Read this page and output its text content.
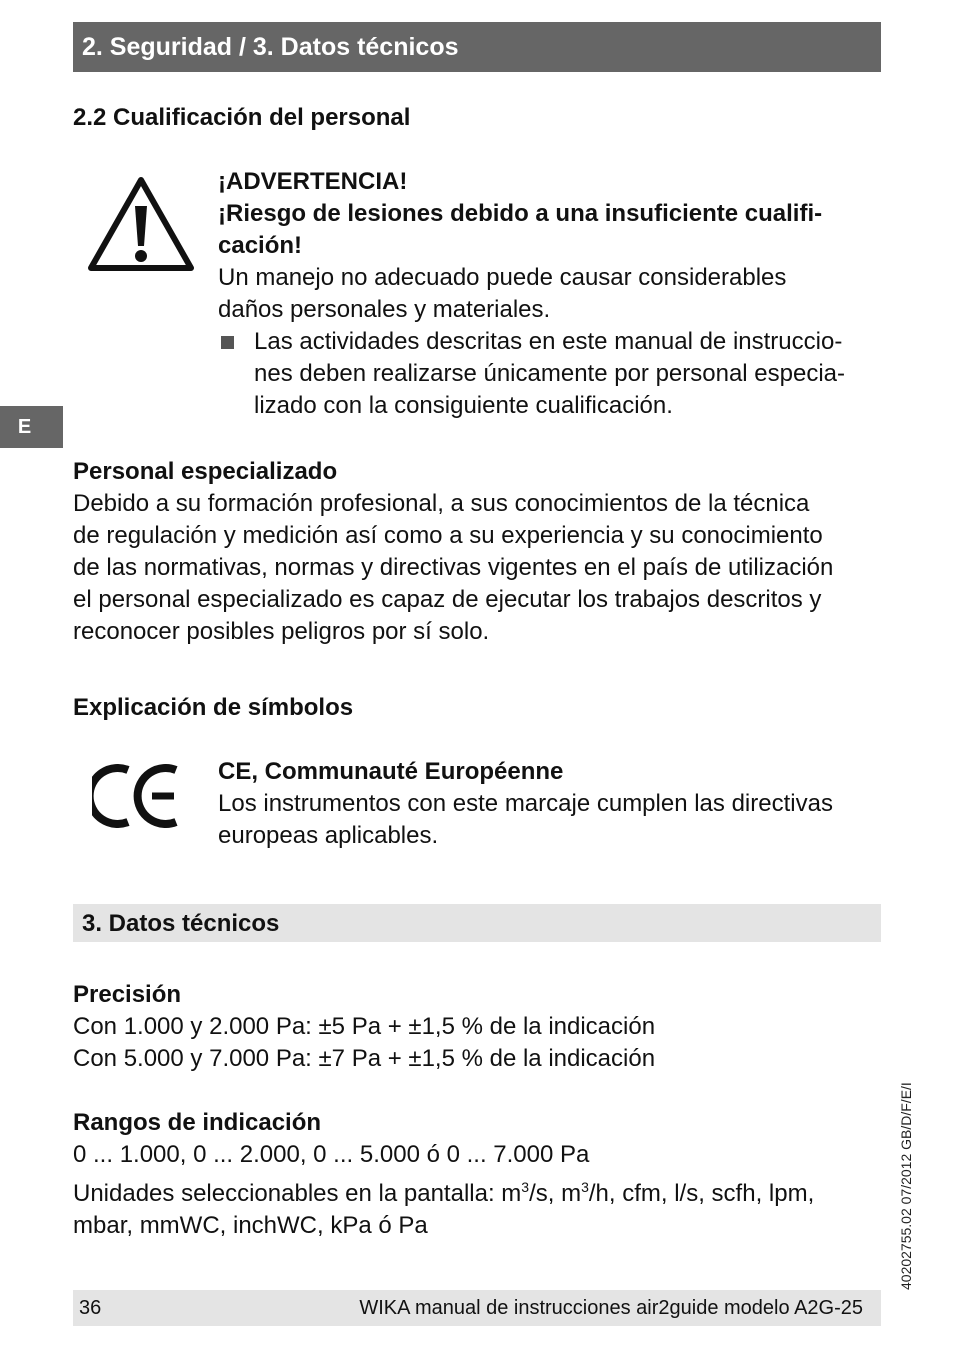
2. Seguridad / 3. Datos técnicos
2.2 Cualificación del personal
¡ADVERTENCIA!
¡Riesgo de lesiones debido a una insuficiente cualifi-
cación!
Un manejo no adecuado puede causar considerables
daños personales y materiales.
Las actividades descritas en este manual de instruccio-
nes deben realizarse únicamente por personal especia-
lizado con la consiguiente cualificación.
E
Personal especializado
Debido a su formación profesional, a sus conocimientos de la técnica
de regulación y medición así como a su experiencia y su conocimiento
de las normativas, normas y directivas vigentes en el país de utilización
el personal especializado es capaz de ejecutar los trabajos descritos y
reconocer posibles peligros por sí solo.
Explicación de símbolos
CE, Communauté Européenne
Los instrumentos con este marcaje cumplen las directivas
europeas aplicables.
3. Datos técnicos
Precisión
Con 1.000 y 2.000 Pa: ±5 Pa + ±1,5 % de la indicación
Con 5.000 y 7.000 Pa: ±7 Pa + ±1,5 % de la indicación
Rangos de indicación
0 ... 1.000, 0 ... 2.000, 0 ... 5.000 ó 0 ... 7.000 Pa
Unidades seleccionables en la pantalla: $m^3/s$, $m^3/h$, cfm, l/s, scfh, lpm,
mbar, mmWC, inchWC, kPa ó Pa	40202755.02 07/2012 GB/D/F/E/I
36	WIKA manual de instrucciones air2guide modelo A2G-25
